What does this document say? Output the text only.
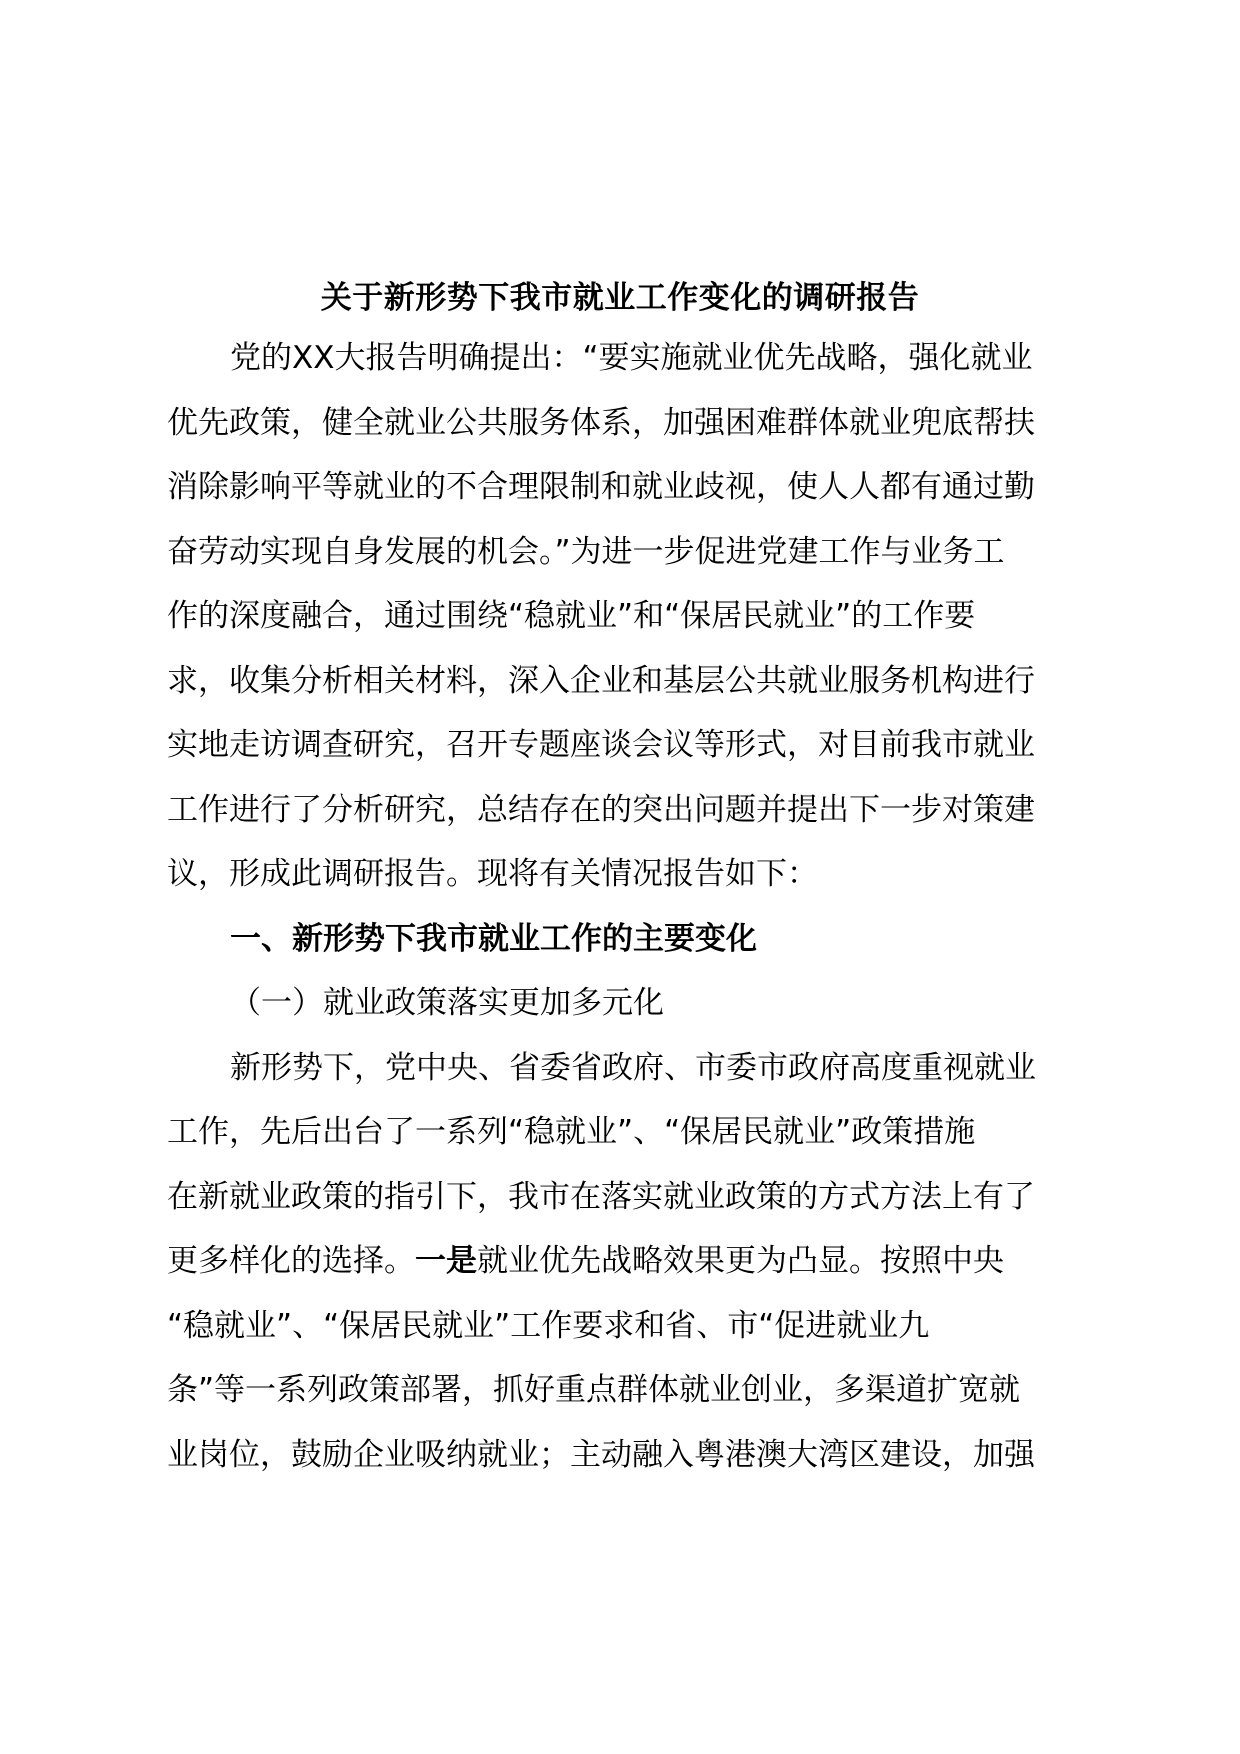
关于新形势下我市就业工作变化的调研报告
党的XX大报告明确提出：“要实施就业优先战略，强化就业
优先政策，健全就业公共服务体系，加强困难群体就业兜底帮扶
消除影响平等就业的不合理限制和就业歧视，使人人都有通过勤
奋劳动实现自身发展的机会。”为进一步促进党建工作与业务工
作的深度融合，通过围绕“稳就业”和“保居民就业”的工作要
求，收集分析相关材料，深入企业和基层公共就业服务机构进行
实地走访调查研究，召开专题座谈会议等形式，对目前我市就业
工作进行了分析研究，总结存在的突出问题并提出下一步对策建
议，形成此调研报告。现将有关情况报告如下：
一、新形势下我市就业工作的主要变化
（一）就业政策落实更加多元化
新形势下，党中央、省委省政府、市委市政府高度重视就业
工作，先后出台了一系列“稳就业”、“保居民就业”政策措施
在新就业政策的指引下，我市在落实就业政策的方式方法上有了
更多样化的选择。一是就业优先战略效果更为凸显。按照中央
“稳就业”、“保居民就业”工作要求和省、市“促进就业九
条”等一系列政策部署，抓好重点群体就业创业，多渠道扩宽就
业岗位，鼓励企业吸纳就业；主动融入粤港澳大湾区建设，加强
